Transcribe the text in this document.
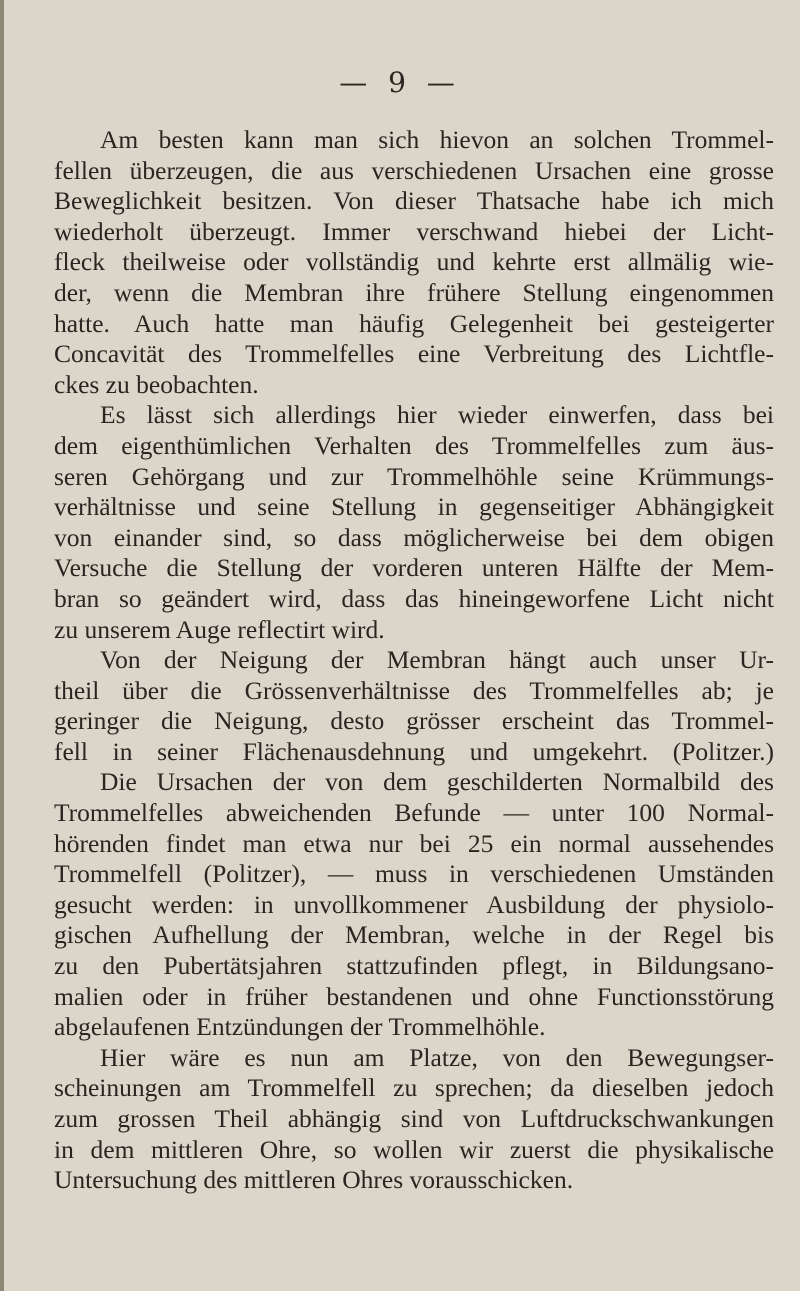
— 9 —
Am besten kann man sich hievon an solchen Trommel-
fellen überzeugen, die aus verschiedenen Ursachen eine grosse
Beweglichkeit besitzen. Von dieser Thatsache habe ich mich
wiederholt überzeugt. Immer verschwand hiebei der Licht-
fleck theilweise oder vollständig und kehrte erst allmälig wie-
der, wenn die Membran ihre frühere Stellung eingenommen
hatte. Auch hatte man häufig Gelegenheit bei gesteigerter
Concavität des Trommelfelles eine Verbreitung des Lichtfle-
ckes zu beobachten.
Es lässt sich allerdings hier wieder einwerfen, dass bei
dem eigenthümlichen Verhalten des Trommelfelles zum äus-
seren Gehörgang und zur Trommelhöhle seine Krümmungs-
verhältnisse und seine Stellung in gegenseitiger Abhängigkeit
von einander sind, so dass möglicherweise bei dem obigen
Versuche die Stellung der vorderen unteren Hälfte der Mem-
bran so geändert wird, dass das hineingeworfene Licht nicht
zu unserem Auge reflectirt wird.
Von der Neigung der Membran hängt auch unser Ur-
theil über die Grössenverhältnisse des Trommelfelles ab; je
geringer die Neigung, desto grösser erscheint das Trommel-
fell in seiner Flächenausdehnung und umgekehrt. (Politzer.)
Die Ursachen der von dem geschilderten Normalbild des
Trommelfelles abweichenden Befunde — unter 100 Normal-
hörenden findet man etwa nur bei 25 ein normal aussehendes
Trommelfell (Politzer), — muss in verschiedenen Umständen
gesucht werden: in unvollkommener Ausbildung der physiolo-
gischen Aufhellung der Membran, welche in der Regel bis
zu den Pubertätsjahren stattzufinden pflegt, in Bildungsano-
malien oder in früher bestandenen und ohne Functionsstörung
abgelaufenen Entzündungen der Trommelhöhle.
Hier wäre es nun am Platze, von den Bewegungser-
scheinungen am Trommelfell zu sprechen; da dieselben jedoch
zum grossen Theil abhängig sind von Luftdruckschwankungen
in dem mittleren Ohre, so wollen wir zuerst die physikalische
Untersuchung des mittleren Ohres vorausschicken.
